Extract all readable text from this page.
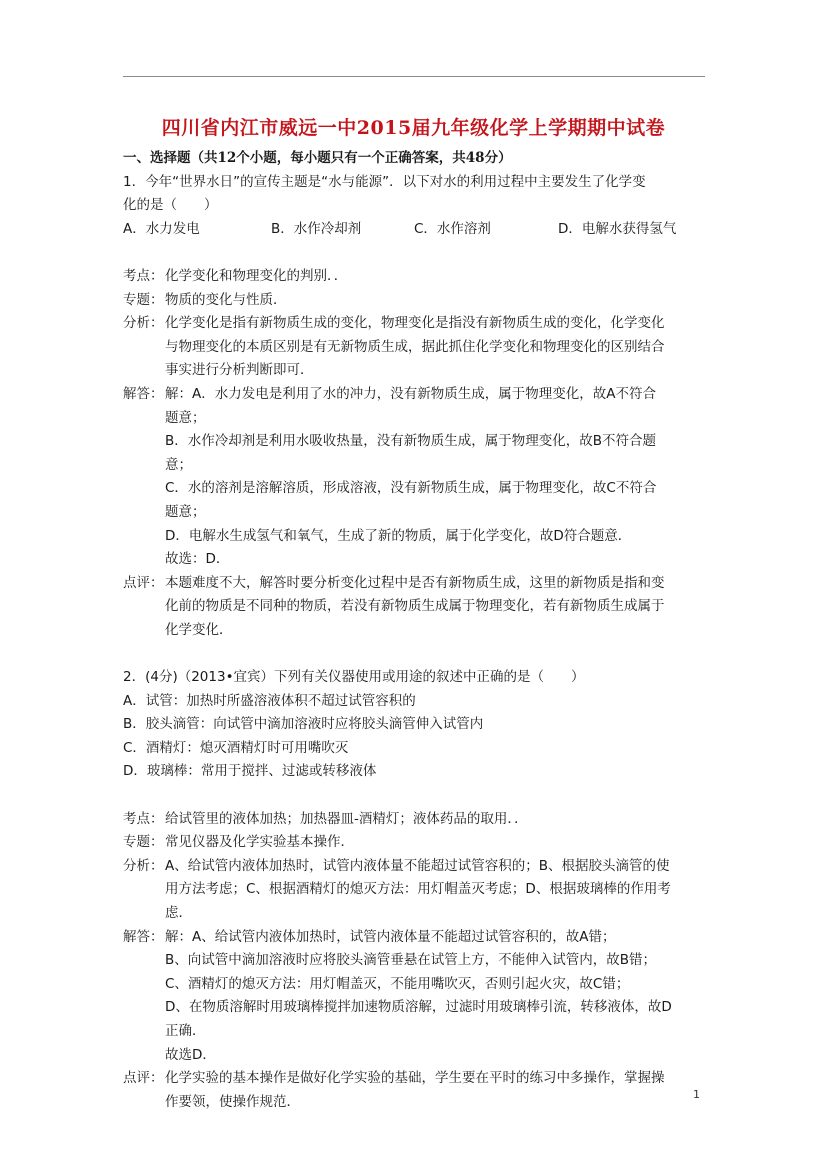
四川省内江市威远一中2015届九年级化学上学期期中试卷
一、选择题（共12个小题，每小题只有一个正确答案，共48分）
1．今年“世界水日”的宣传主题是“水与能源”．以下对水的利用过程中主要发生了化学变
化的是（　　）
A．水力发电	B．水作冷却剂	C．水作溶剂	D．电解水获得氢气
考点： 化学变化和物理变化的判别．．
专题： 物质的变化与性质．
分析： 化学变化是指有新物质生成的变化，物理变化是指没有新物质生成的变化，化学变化
与物理变化的本质区别是有无新物质生成，据此抓住化学变化和物理变化的区别结合
事实进行分析判断即可．
解答： 解：A．水力发电是利用了水的冲力，没有新物质生成，属于物理变化，故A不符合
题意；
B．水作冷却剂是利用水吸收热量，没有新物质生成，属于物理变化，故B不符合题
意；
C．水的溶剂是溶解溶质，形成溶液，没有新物质生成，属于物理变化，故C不符合
题意；
D．电解水生成氢气和氧气，生成了新的物质，属于化学变化，故D符合题意．
故选：D．
点评： 本题难度不大，解答时要分析变化过程中是否有新物质生成，这里的新物质是指和变
化前的物质是不同种的物质，若没有新物质生成属于物理变化，若有新物质生成属于
化学变化．
2．(4分)（2013•宜宾）下列有关仪器使用或用途的叙述中正确的是（　　）
A．试管：加热时所盛溶液体积不超过试管容积的
B．胶头滴管：向试管中滴加溶液时应将胶头滴管伸入试管内
C．酒精灯：熄灭酒精灯时可用嘴吹灭
D．玻璃棒：常用于搅拌、过滤或转移液体
考点： 给试管里的液体加热；加热器皿-酒精灯；液体药品的取用．．
专题： 常见仪器及化学实验基本操作．
分析： A、给试管内液体加热时，试管内液体量不能超过试管容积的；B、根据胶头滴管的使
用方法考虑；C、根据酒精灯的熄灭方法：用灯帽盖灭考虑；D、根据玻璃棒的作用考
虑．
解答： 解：A、给试管内液体加热时，试管内液体量不能超过试管容积的，故A错；
B、向试管中滴加溶液时应将胶头滴管垂悬在试管上方，不能伸入试管内，故B错；
C、酒精灯的熄灭方法：用灯帽盖灭，不能用嘴吹灭，否则引起火灾，故C错；
D、在物质溶解时用玻璃棒搅拌加速物质溶解，过滤时用玻璃棒引流，转移液体，故D
正确．
故选D．
点评： 化学实验的基本操作是做好化学实验的基础，学生要在平时的练习中多操作，掌握操
作要领，使操作规范．	1
